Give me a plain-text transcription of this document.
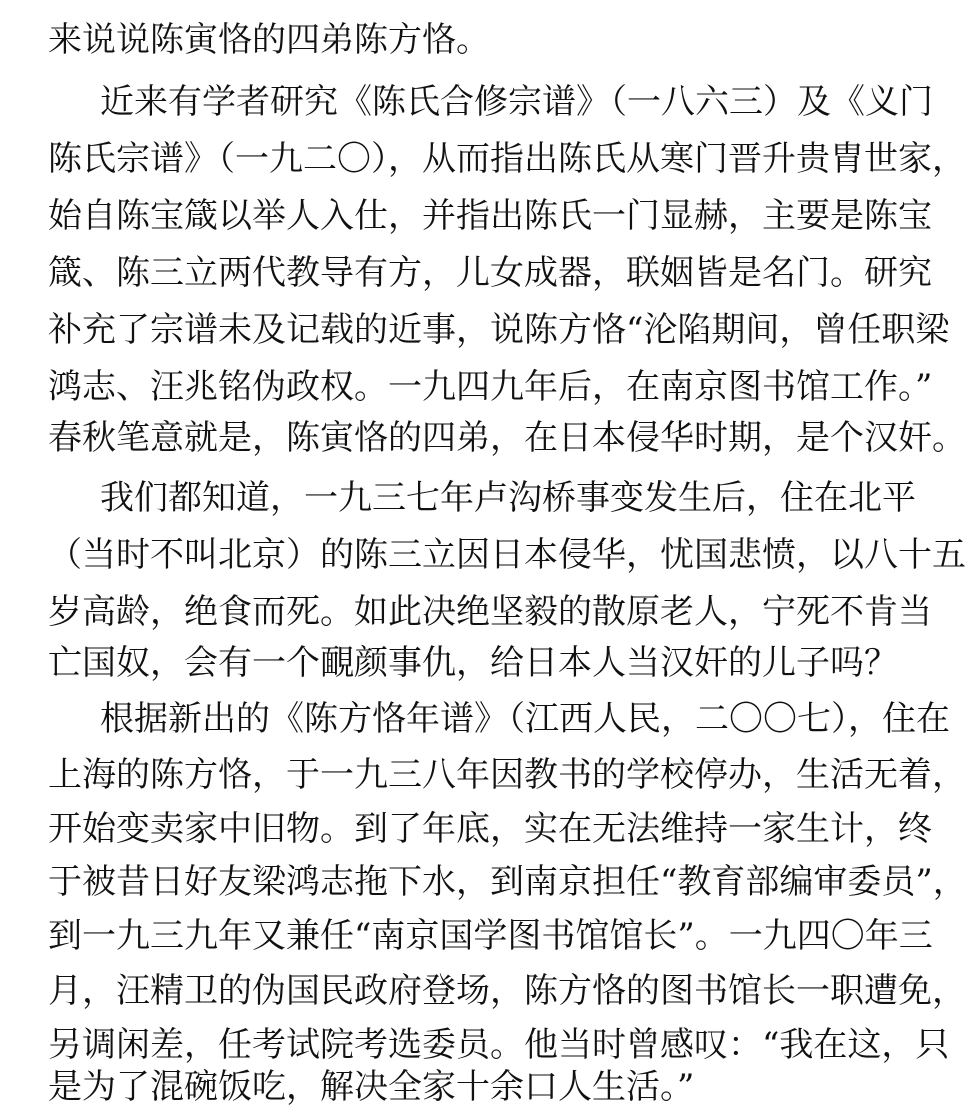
来说说陈寅恪的四弟陈方恪。
近来有学者研究《陈氏合修宗谱》（一八六三）及《义门
陈氏宗谱》（一九二〇），从而指出陈氏从寒门晋升贵胄世家，
始自陈宝箴以举人入仕，并指出陈氏一门显赫，主要是陈宝
箴、陈三立两代教导有方，儿女成器，联姻皆是名门。研究
补充了宗谱未及记载的近事，说陈方恪“沦陷期间，曾任职梁
鸿志、汪兆铭伪政权。一九四九年后，在南京图书馆工作。”
春秋笔意就是，陈寅恪的四弟，在日本侵华时期，是个汉奸。
我们都知道，一九三七年卢沟桥事变发生后，住在北平
（当时不叫北京）的陈三立因日本侵华，忧国悲愤，以八十五
岁高龄，绝食而死。如此决绝坚毅的散原老人，宁死不肯当
亡国奴，会有一个靦颜事仇，给日本人当汉奸的儿子吗？
根据新出的《陈方恪年谱》（江西人民，二〇〇七），住在
上海的陈方恪，于一九三八年因教书的学校停办，生活无着，
开始变卖家中旧物。到了年底，实在无法维持一家生计，终
于被昔日好友梁鸿志拖下水，到南京担任“教育部编审委员”，
到一九三九年又兼任“南京国学图书馆馆长”。一九四〇年三
月，汪精卫的伪国民政府登场，陈方恪的图书馆长一职遭免，
另调闲差，任考试院考选委员。他当时曾感叹：“我在这，只
是为了混碗饭吃，解决全家十余口人生活。”
